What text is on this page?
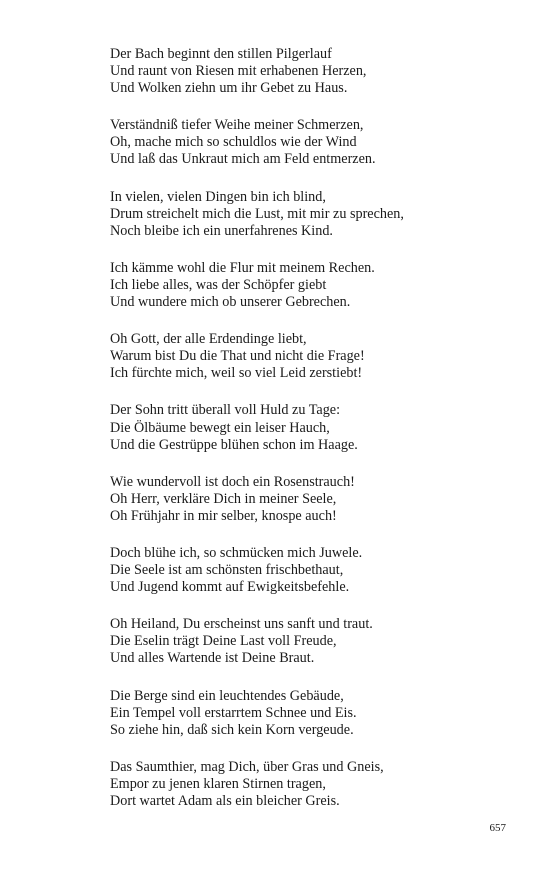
Der Bach beginnt den stillen Pilgerlauf
Und raunt von Riesen mit erhabenen Herzen,
Und Wolken ziehn um ihr Gebet zu Haus.
Verständniß tiefer Weihe meiner Schmerzen,
Oh, mache mich so schuldlos wie der Wind
Und laß das Unkraut mich am Feld entmerzen.
In vielen, vielen Dingen bin ich blind,
Drum streichelt mich die Lust, mit mir zu sprechen,
Noch bleibe ich ein unerfahrenes Kind.
Ich kämme wohl die Flur mit meinem Rechen.
Ich liebe alles, was der Schöpfer giebt
Und wundere mich ob unserer Gebrechen.
Oh Gott, der alle Erdendinge liebt,
Warum bist Du die That und nicht die Frage!
Ich fürchte mich, weil so viel Leid zerstiebt!
Der Sohn tritt überall voll Huld zu Tage:
Die Ölbäume bewegt ein leiser Hauch,
Und die Gestrüppe blühen schon im Haage.
Wie wundervoll ist doch ein Rosenstrauch!
Oh Herr, verkläre Dich in meiner Seele,
Oh Frühjahr in mir selber, knospe auch!
Doch blühe ich, so schmücken mich Juwele.
Die Seele ist am schönsten frischbethaut,
Und Jugend kommt auf Ewigkeitsbefehle.
Oh Heiland, Du erscheinst uns sanft und traut.
Die Eselin trägt Deine Last voll Freude,
Und alles Wartende ist Deine Braut.
Die Berge sind ein leuchtendes Gebäude,
Ein Tempel voll erstarrtem Schnee und Eis.
So ziehe hin, daß sich kein Korn vergeude.
Das Saumthier, mag Dich, über Gras und Gneis,
Empor zu jenen klaren Stirnen tragen,
Dort wartet Adam als ein bleicher Greis.
657
